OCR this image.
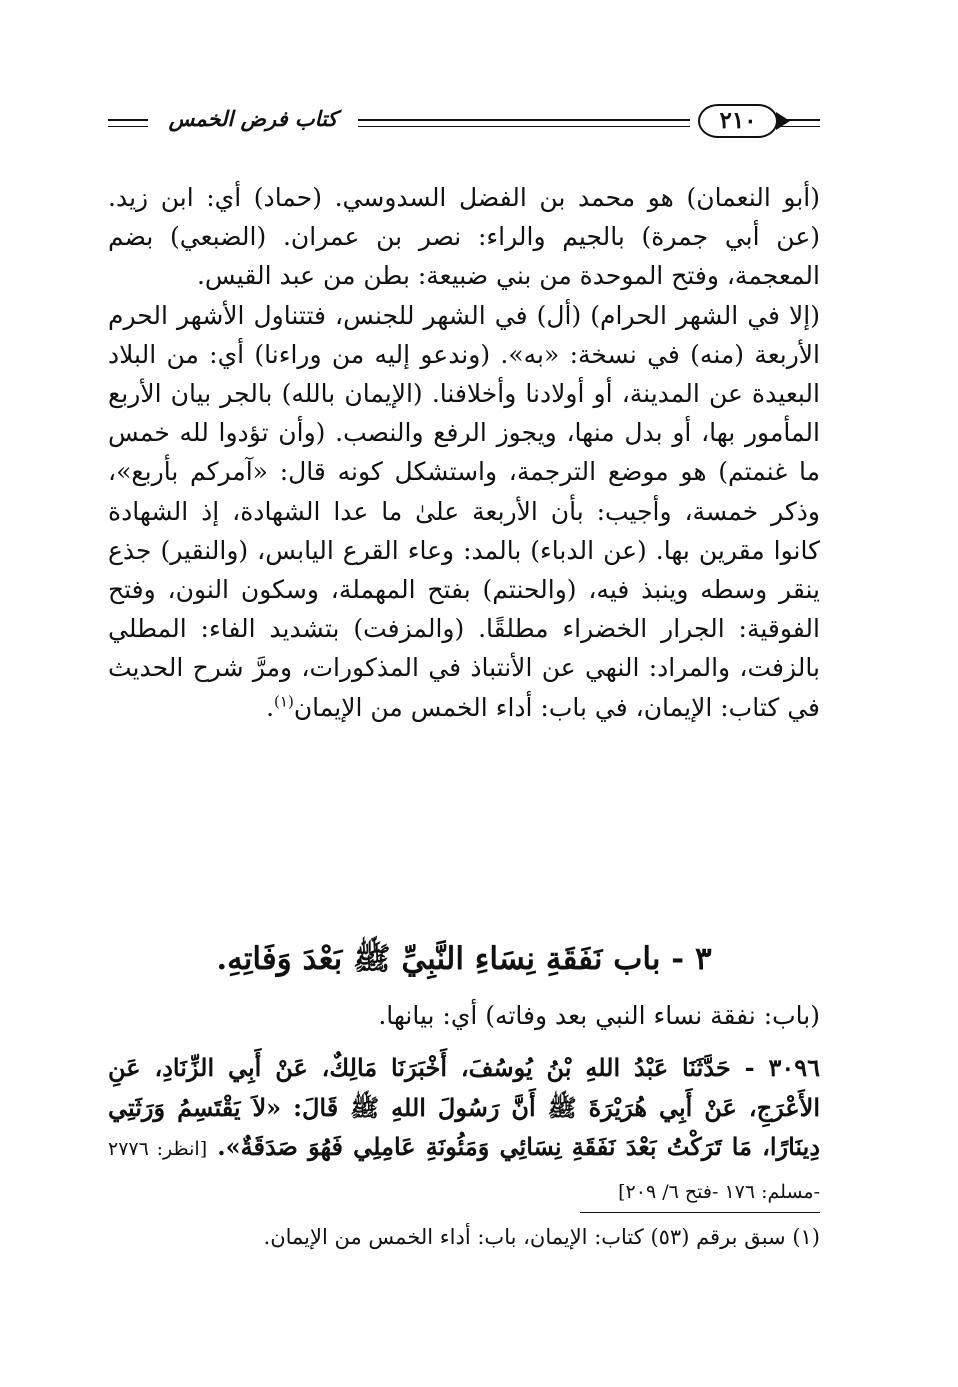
كتاب فرض الخمس	٢١٠

(أبو النعمان) هو محمد بن الفضل السدوسي. (حماد) أي: ابن زيد. (عن أبي جمرة) بالجيم والراء: نصر بن عمران. (الضبعي) بضم المعجمة، وفتح الموحدة من بني ضبيعة: بطن من عبد القيس.

(إلا في الشهر الحرام) (أل) في الشهر للجنس، فتتناول الأشهر الحرم الأربعة (منه) في نسخة: «به». (وندعو إليه من وراءنا) أي: من البلاد البعيدة عن المدينة، أو أولادنا وأخلافنا. (الإيمان بالله) بالجر بيان الأربع المأمور بها، أو بدل منها، ويجوز الرفع والنصب. (وأن تؤدوا لله خمس ما غنمتم) هو موضع الترجمة، واستشكل كونه قال: «آمركم بأربع»، وذكر خمسة، وأجيب: بأن الأربعة علىٰ ما عدا الشهادة، إذ الشهادة كانوا مقرين بها. (عن الدباء) بالمد: وعاء القرع اليابس، (والنقير) جذع ينقر وسطه وينبذ فيه، (والحنتم) بفتح المهملة، وسكون النون، وفتح الفوقية: الجرار الخضراء مطلقًا. (والمزفت) بتشديد الفاء: المطلي بالزفت، والمراد: النهي عن الأنتباذ في المذكورات، ومرَّ شرح الحديث في كتاب: الإيمان، في باب: أداء الخمس من الإيمان$^{(١)}$.

٣ - باب نَفَقَةِ نِسَاءِ النَّبِيِّ ﷺ بَعْدَ وَفَاتِهِ.

(باب: نفقة نساء النبي بعد وفاته) أي: بيانها.

٣٠٩٦ - حَدَّثَنَا عَبْدُ اللهِ بْنُ يُوسُفَ، أَخْبَرَنَا مَالِكٌ، عَنْ أَبِي الزِّنَادِ، عَنِ الأَعْرَجِ، عَنْ أَبِي هُرَيْرَةَ ﷺ أَنَّ رَسُولَ اللهِ ﷺ قَالَ: «لاَ يَقْتَسِمُ وَرَثَتِي دِينَارًا، مَا تَرَكْتُ بَعْدَ نَفَقَةِ نِسَائِي وَمَئُونَةِ عَامِلِي فَهُوَ صَدَقَةٌ». [انظر: ٢٧٧٦ -مسلم: ١٧٦ -فتح ٦/ ٢٠٩]

(١) سبق برقم (٥٣) كتاب: الإيمان، باب: أداء الخمس من الإيمان.
